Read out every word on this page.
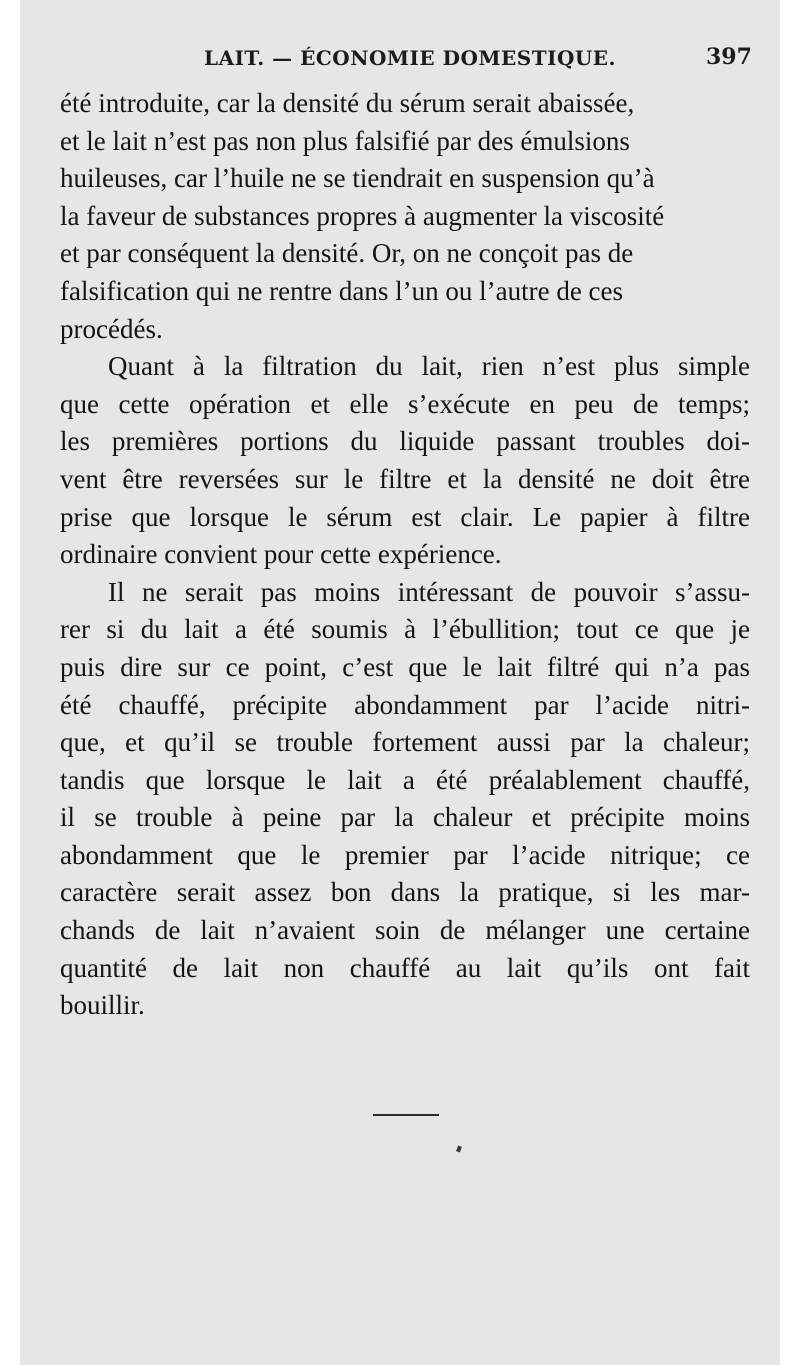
LAIT. — ÉCONOMIE DOMESTIQUE.	397
été introduite, car la densité du sérum serait abaissée,
et le lait n’est pas non plus falsifié par des émulsions
huileuses, car l’huile ne se tiendrait en suspension qu’à
la faveur de substances propres à augmenter la viscosité
et par conséquent la densité. Or, on ne conçoit pas de
falsification qui ne rentre dans l’un ou l’autre de ces
procédés.
Quant à la filtration du lait, rien n’est plus simple
que cette opération et elle s’exécute en peu de temps;
les premières portions du liquide passant troubles doi-
vent être reversées sur le filtre et la densité ne doit être
prise que lorsque le sérum est clair. Le papier à filtre
ordinaire convient pour cette expérience.
Il ne serait pas moins intéressant de pouvoir s’assu-
rer si du lait a été soumis à l’ébullition; tout ce que je
puis dire sur ce point, c’est que le lait filtré qui n’a pas
été chauffé, précipite abondamment par l’acide nitri-
que, et qu’il se trouble fortement aussi par la chaleur;
tandis que lorsque le lait a été préalablement chauffé,
il se trouble à peine par la chaleur et précipite moins
abondamment que le premier par l’acide nitrique; ce
caractère serait assez bon dans la pratique, si les mar-
chands de lait n’avaient soin de mélanger une certaine
quantité de lait non chauffé au lait qu’ils ont fait
bouillir.
